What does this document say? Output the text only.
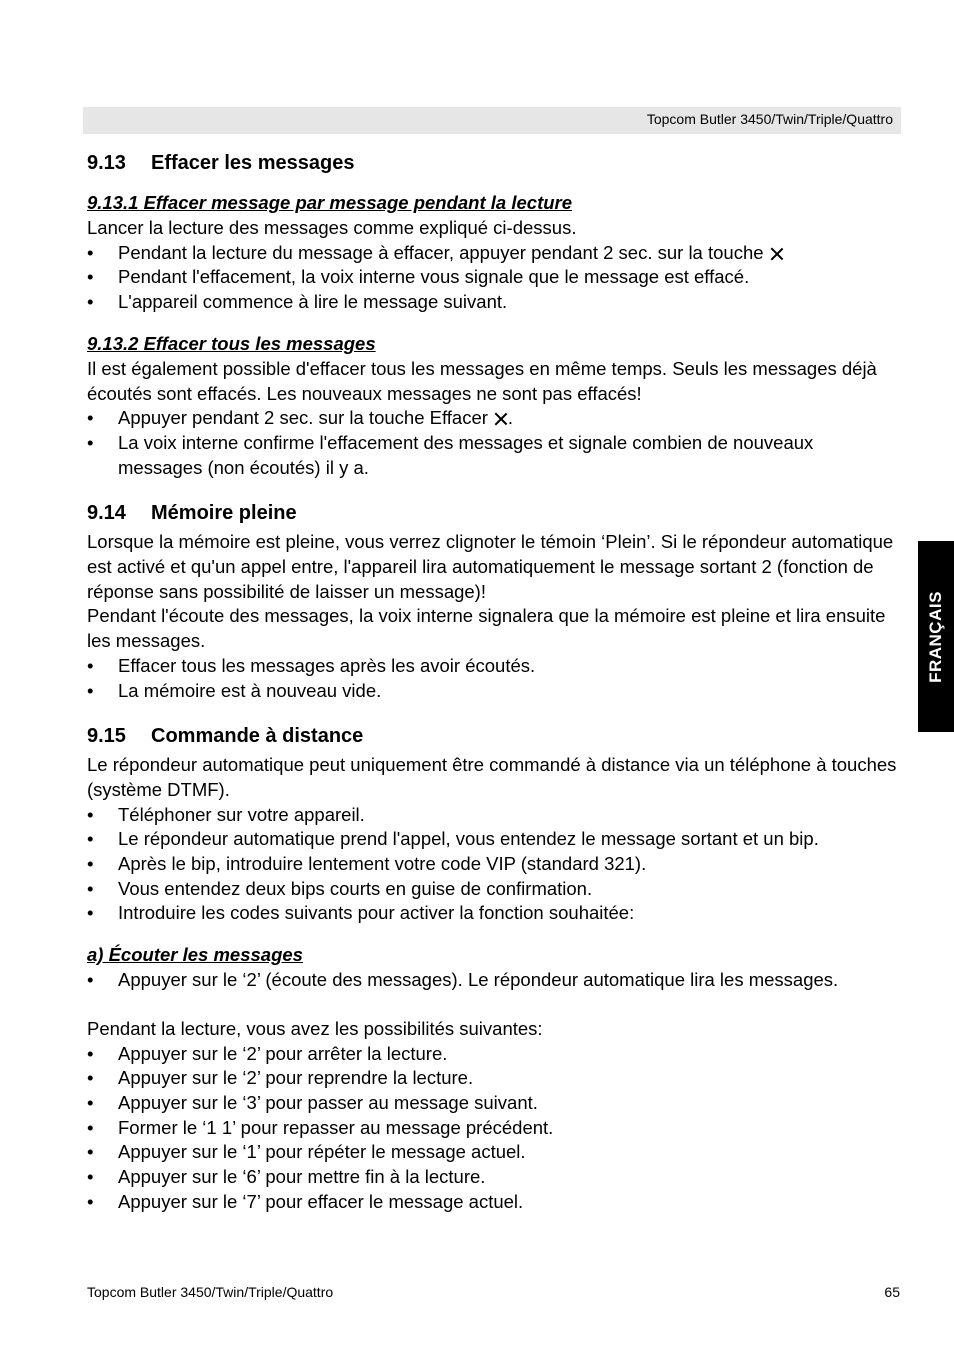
Topcom Butler 3450/Twin/Triple/Quattro
9.13 Effacer les messages
9.13.1 Effacer message par message pendant la lecture

Lancer la lecture des messages comme expliqué ci-dessus.

• Pendant la lecture du message à effacer, appuyer pendant 2 sec. sur la touche
• Pendant l'effacement, la voix interne vous signale que le message est effacé.
• L'appareil commence à lire le message suivant.
9.13.2 Effacer tous les messages

Il est également possible d'effacer tous les messages en même temps. Seuls les messages déjà écoutés sont effacés. Les nouveaux messages ne sont pas effacés!

• Appuyer pendant 2 sec. sur la touche Effacer .
• La voix interne confirme l'effacement des messages et signale combien de nouveaux messages (non écoutés) il y a.
9.14 Mémoire pleine

Lorsque la mémoire est pleine, vous verrez clignoter le témoin ‘Plein’. Si le répondeur automatique est activé et qu'un appel entre, l'appareil lira automatiquement le message sortant 2 (fonction de réponse sans possibilité de laisser un message)!

Pendant l'écoute des messages, la voix interne signalera que la mémoire est pleine et lira ensuite les messages.

• Effacer tous les messages après les avoir écoutés.
• La mémoire est à nouveau vide.
9.15 Commande à distance

Le répondeur automatique peut uniquement être commandé à distance via un téléphone à touches (système DTMF).

• Téléphoner sur votre appareil.
• Le répondeur automatique prend l'appel, vous entendez le message sortant et un bip.
• Après le bip, introduire lentement votre code VIP (standard 321).
• Vous entendez deux bips courts en guise de confirmation.
• Introduire les codes suivants pour activer la fonction souhaitée:
a) Écouter les messages
• Appuyer sur le ‘2’ (écoute des messages). Le répondeur automatique lira les messages.

Pendant la lecture, vous avez les possibilités suivantes:

• Appuyer sur le ‘2’ pour arrêter la lecture.
• Appuyer sur le ‘2’ pour reprendre la lecture.
• Appuyer sur le ‘3’ pour passer au message suivant.
• Former le ‘1 1’ pour repasser au message précédent.
• Appuyer sur le ‘1’ pour répéter le message actuel.
• Appuyer sur le ‘6’ pour mettre fin à la lecture.
• Appuyer sur le ‘7’ pour effacer le message actuel.
FRANÇAIS
Topcom Butler 3450/Twin/Triple/Quattro	65
